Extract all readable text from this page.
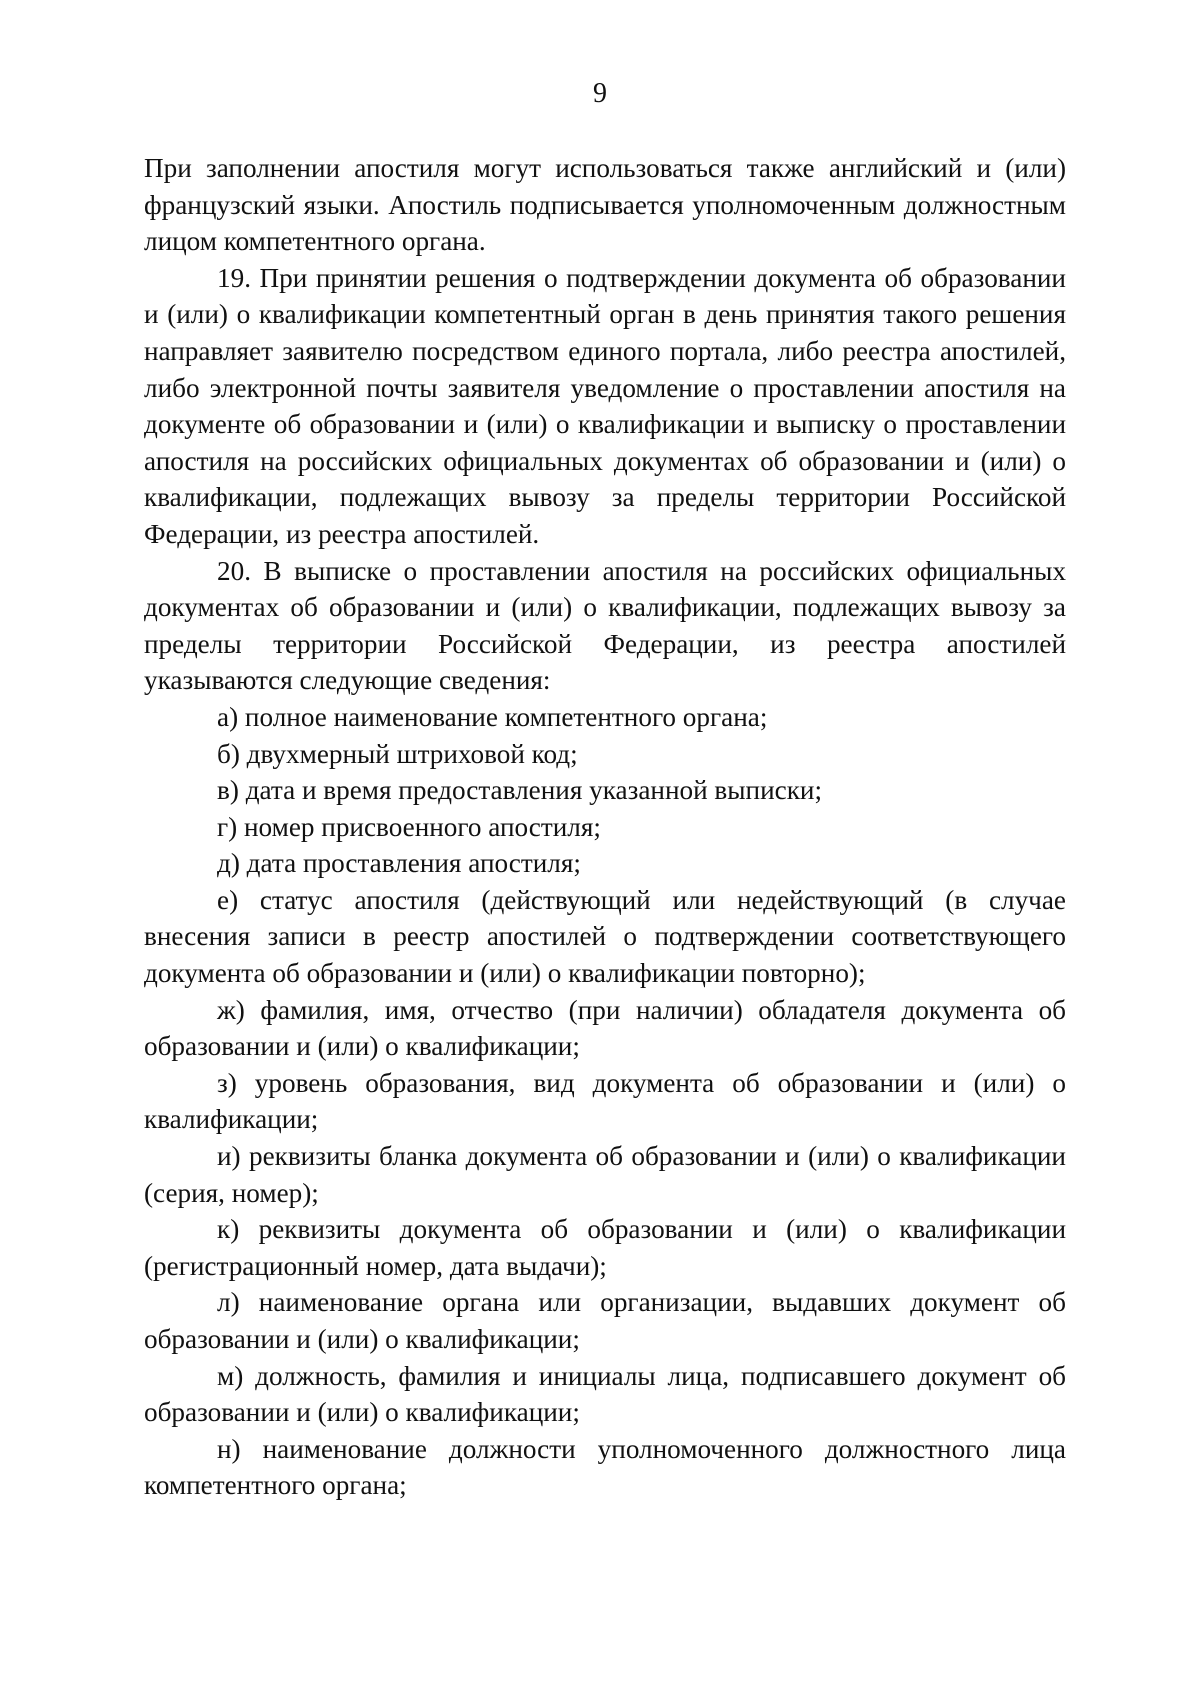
9

При заполнении апостиля могут использоваться также английский и (или) французский языки. Апостиль подписывается уполномоченным должностным лицом компетентного органа.

19. При принятии решения о подтверждении документа об образовании и (или) о квалификации компетентный орган в день принятия такого решения направляет заявителю посредством единого портала, либо реестра апостилей, либо электронной почты заявителя уведомление о проставлении апостиля на документе об образовании и (или) о квалификации и выписку о проставлении апостиля на российских официальных документах об образовании и (или) о квалификации, подлежащих вывозу за пределы территории Российской Федерации, из реестра апостилей.

20. В выписке о проставлении апостиля на российских официальных документах об образовании и (или) о квалификации, подлежащих вывозу за пределы территории Российской Федерации, из реестра апостилей указываются следующие сведения:

а) полное наименование компетентного органа;

б) двухмерный штриховой код;

в) дата и время предоставления указанной выписки;

г) номер присвоенного апостиля;

д) дата проставления апостиля;

е) статус апостиля (действующий или недействующий (в случае внесения записи в реестр апостилей о подтверждении соответствующего документа об образовании и (или) о квалификации повторно);

ж) фамилия, имя, отчество (при наличии) обладателя документа об образовании и (или) о квалификации;

з) уровень образования, вид документа об образовании и (или) о квалификации;

и) реквизиты бланка документа об образовании и (или) о квалификации (серия, номер);

к) реквизиты документа об образовании и (или) о квалификации (регистрационный номер, дата выдачи);

л) наименование органа или организации, выдавших документ об образовании и (или) о квалификации;

м) должность, фамилия и инициалы лица, подписавшего документ об образовании и (или) о квалификации;

н) наименование должности уполномоченного должностного лица компетентного органа;
